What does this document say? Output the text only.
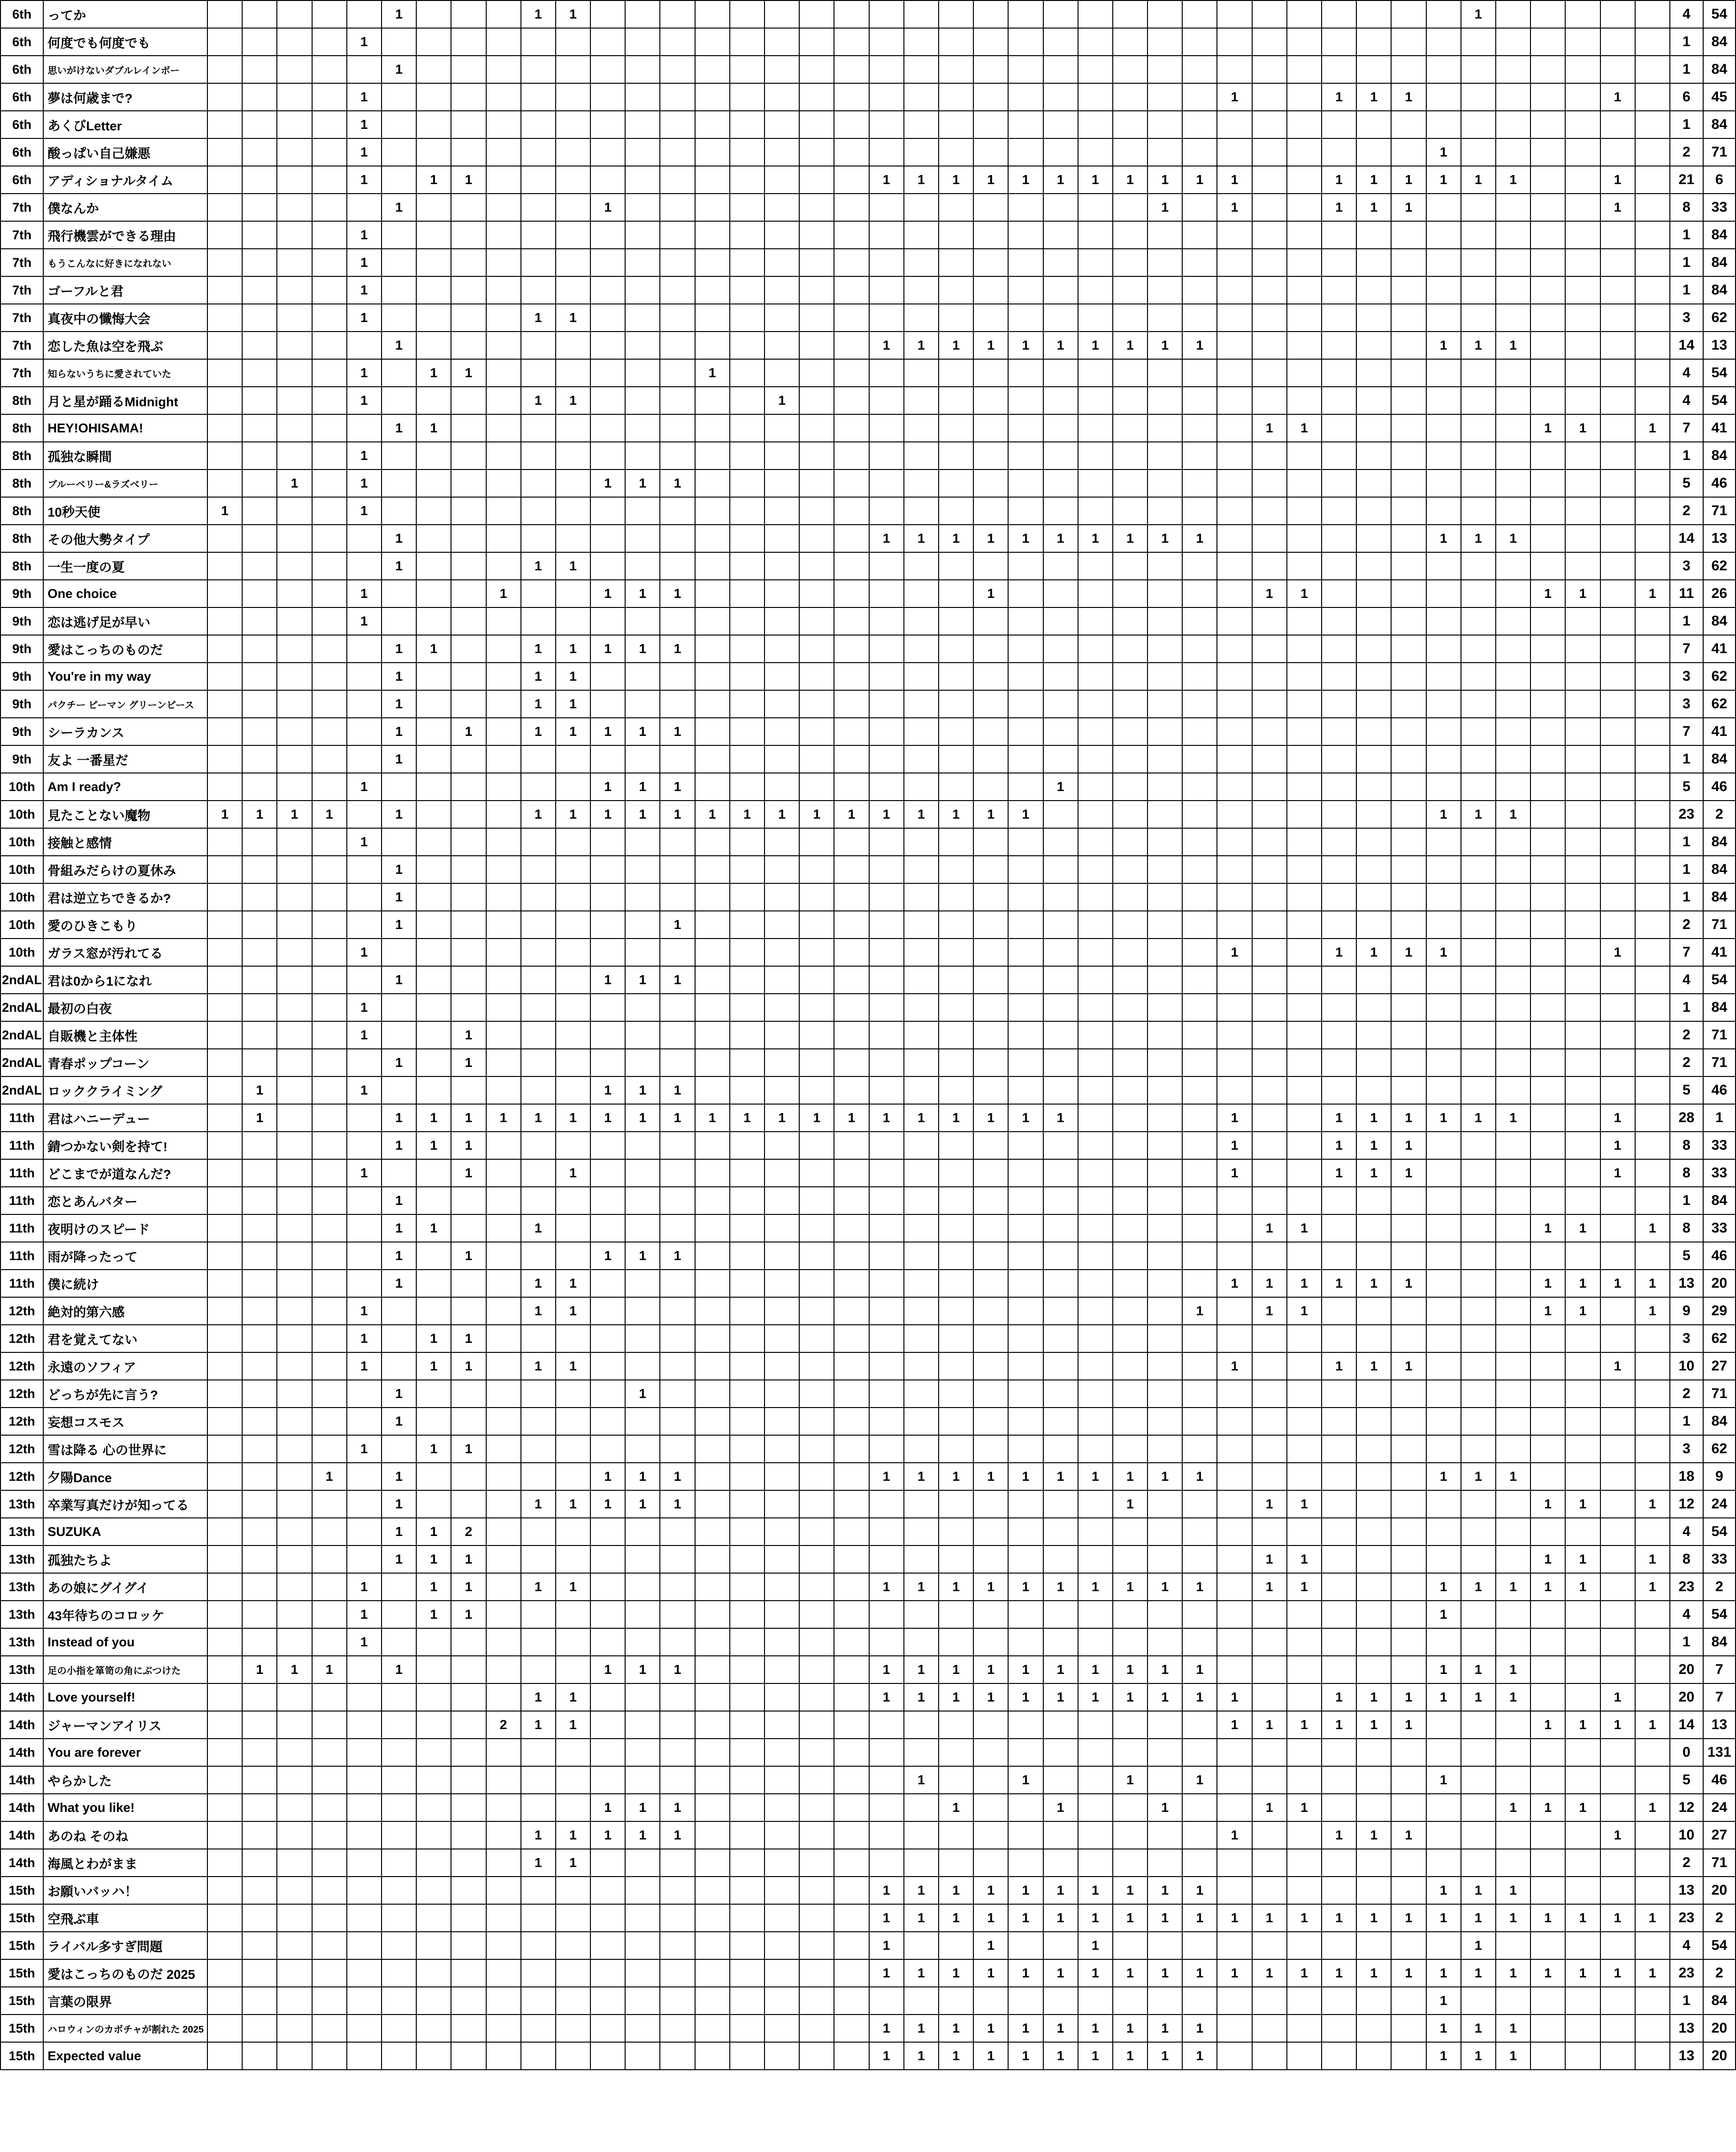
6th	ってか						1				1	1																										1						4	54
6th	何度でも何度でも					1																																						1	84
6th	思いがけないダブルレインボー						1																																					1	84
6th	夢は何歳まで?					1																									1			1	1	1						1		6	45
6th	あくびLetter					1																																						1	84
6th	酸っぱい自己嫌悪					1																															1							2	71
6th	アディショナルタイム					1		1	1												1	1	1	1	1	1	1	1	1	1	1			1	1	1	1	1	1			1		21	6
7th	僕なんか						1						1																1		1			1	1	1						1		8	33
7th	飛行機雲ができる理由					1																																						1	84
7th	もうこんなに好きになれない					1																																						1	84
7th	ゴーフルと君					1																																						1	84
7th	真夜中の懺悔大会					1					1	1																																3	62
7th	恋した魚は空を飛ぶ						1														1	1	1	1	1	1	1	1	1	1							1	1	1					14	13
7th	知らないうちに愛されていた					1		1	1							1																												4	54
8th	月と星が踊るMidnight					1					1	1						1																										4	54
8th	HEY!OHISAMA!						1	1																								1	1							1	1		1	7	41
8th	孤独な瞬間					1																																						1	84
8th	ブルーベリー&ラズベリー			1		1							1	1	1																													5	46
8th	10秒天使	1				1																																						2	71
8th	その他大勢タイプ						1														1	1	1	1	1	1	1	1	1	1							1	1	1					14	13
8th	一生一度の夏						1				1	1																																3	62
9th	One choice					1				1			1	1	1									1								1	1							1	1		1	11	26
9th	恋は逃げ足が早い					1																																						1	84
9th	愛はこっちのものだ						1	1			1	1	1	1	1																													7	41
9th	You're in my way						1				1	1																																3	62
9th	パクチー ピーマン グリーンピース						1				1	1																																3	62
9th	シーラカンス						1		1		1	1	1	1	1																													7	41
9th	友よ 一番星だ						1																																					1	84
10th	Am I ready?					1							1	1	1											1																		5	46
10th	見たことない魔物	1	1	1	1		1				1	1	1	1	1	1	1	1	1	1	1	1	1	1	1												1	1	1					23	2
10th	接触と感情					1																																						1	84
10th	骨組みだらけの夏休み						1																																					1	84
10th	君は逆立ちできるか?						1																																					1	84
10th	愛のひきこもり						1								1																													2	71
10th	ガラス窓が汚れてる					1																									1			1	1	1	1					1		7	41
2ndAL	君は0から1になれ						1						1	1	1																													4	54
2ndAL	最初の白夜					1																																						1	84
2ndAL	自販機と主体性					1			1																																			2	71
2ndAL	青春ポップコーン						1		1																																			2	71
2ndAL	ロッククライミング		1			1							1	1	1																													5	46
11th	君はハニーデュー		1				1	1	1	1	1	1	1	1	1	1	1	1	1	1	1	1	1	1	1	1					1			1	1	1	1	1	1			1		28	1
11th	錆つかない剣を持て!						1	1	1																						1			1	1	1						1		8	33
11th	どこまでが道なんだ?					1			1			1																			1			1	1	1						1		8	33
11th	恋とあんバター						1																																					1	84
11th	夜明けのスピード						1	1			1																					1	1							1	1		1	8	33
11th	雨が降ったって						1		1				1	1	1																													5	46
11th	僕に続け						1				1	1																			1	1	1	1	1	1				1	1	1	1	13	20
12th	絶対的第六感					1					1	1																		1		1	1							1	1		1	9	29
12th	君を覚えてない					1		1	1																																			3	62
12th	永遠のソフィア					1		1	1		1	1																			1			1	1	1						1		10	27
12th	どっちが先に言う?						1							1																														2	71
12th	妄想コスモス						1																																					1	84
12th	雪は降る 心の世界に					1		1	1																																			3	62
12th	夕陽Dance				1		1						1	1	1						1	1	1	1	1	1	1	1	1	1							1	1	1					18	9
13th	卒業写真だけが知ってる						1				1	1	1	1	1													1				1	1							1	1		1	12	24
13th	SUZUKA						1	1	2																																			4	54
13th	孤独たちよ						1	1	1																							1	1							1	1		1	8	33
13th	あの娘にグイグイ					1		1	1		1	1									1	1	1	1	1	1	1	1	1	1		1	1				1	1	1	1	1		1	23	2
13th	43年待ちのコロッケ					1		1	1																												1							4	54
13th	Instead of you					1																																						1	84
13th	足の小指を箪笥の角にぶつけた		1	1	1		1						1	1	1						1	1	1	1	1	1	1	1	1	1							1	1	1					20	7
14th	Love yourself!										1	1									1	1	1	1	1	1	1	1	1	1	1			1	1	1	1	1	1			1		20	7
14th	ジャーマンアイリス									2	1	1																			1	1	1	1	1	1				1	1	1	1	14	13
14th	You are forever																																											0	131
14th	やらかした																					1			1			1		1							1							5	46
14th	What you like!												1	1	1								1			1			1			1	1						1	1	1		1	12	24
14th	あのね そのね										1	1	1	1	1																1			1	1	1						1		10	27
14th	海風とわがまま										1	1																																2	71
15th	お願いバッハ！																				1	1	1	1	1	1	1	1	1	1							1	1	1					13	20
15th	空飛ぶ車																				1	1	1	1	1	1	1	1	1	1	1	1	1	1	1	1	1	1	1	1	1	1	1	23	2
15th	ライバル多すぎ問題																				1			1			1											1						4	54
15th	愛はこっちのものだ 2025																				1	1	1	1	1	1	1	1	1	1	1	1	1	1	1	1	1	1	1	1	1	1	1	23	2
15th	言葉の限界																																				1							1	84
15th	ハロウィンのカボチャが割れた 2025																				1	1	1	1	1	1	1	1	1	1							1	1	1					13	20
15th	Expected value																				1	1	1	1	1	1	1	1	1	1							1	1	1					13	20
